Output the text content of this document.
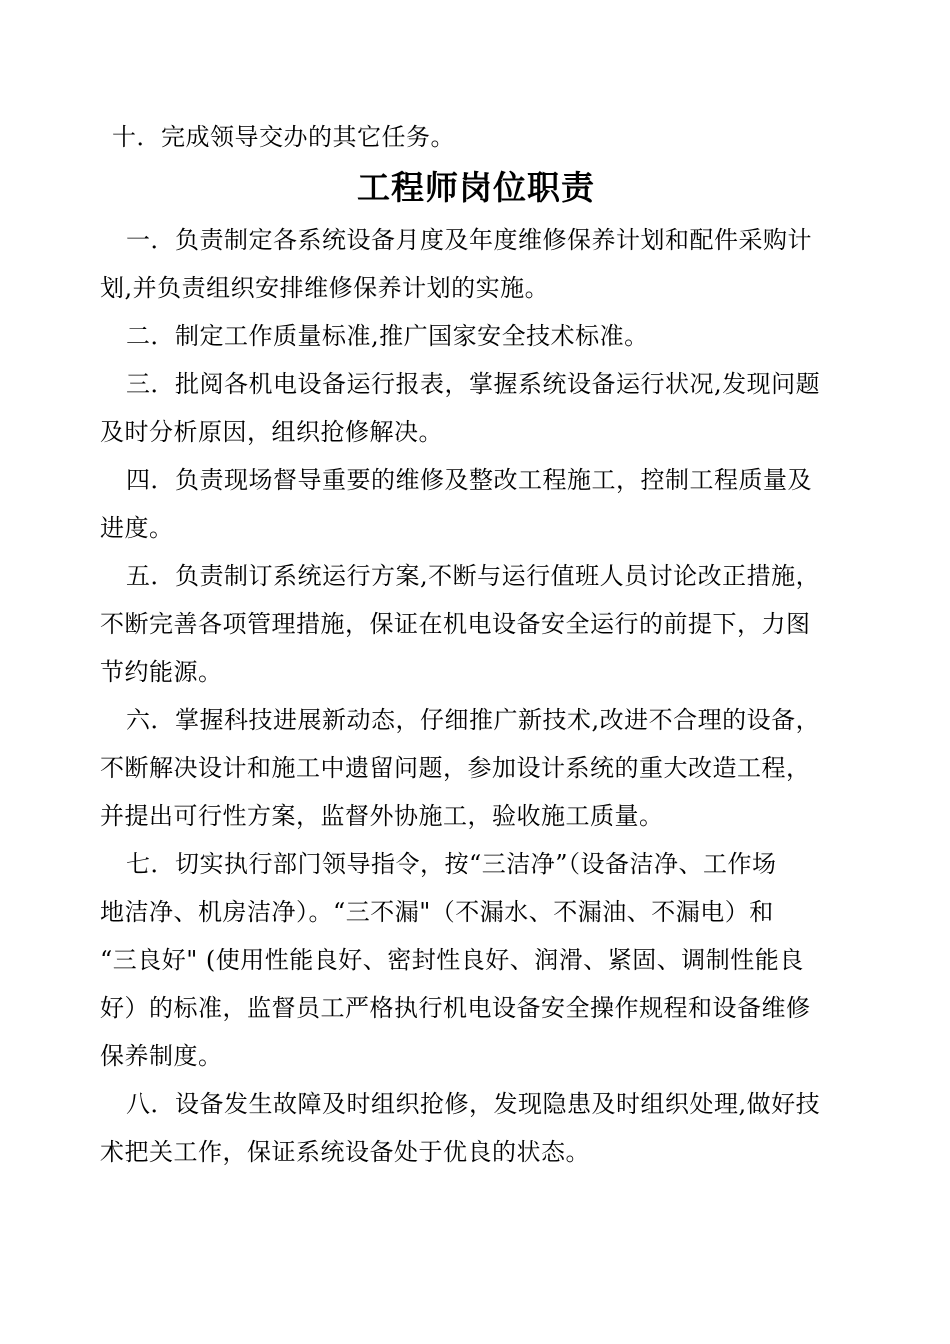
十．完成领导交办的其它任务。
工程师岗位职责
一．负责制定各系统设备月度及年度维修保养计划和配件采购计
划,并负责组织安排维修保养计划的实施。
二．制定工作质量标准,推广国家安全技术标准。
三．批阅各机电设备运行报表，掌握系统设备运行状况,发现问题
及时分析原因，组织抢修解决。
四．负责现场督导重要的维修及整改工程施工，控制工程质量及
进度。
五．负责制订系统运行方案,不断与运行值班人员讨论改正措施，
不断完善各项管理措施，保证在机电设备安全运行的前提下，力图
节约能源。
六．掌握科技进展新动态，仔细推广新技术,改进不合理的设备，
不断解决设计和施工中遗留问题，参加设计系统的重大改造工程，
并提出可行性方案，监督外协施工，验收施工质量。
七．切实执行部门领导指令，按“三洁净”（设备洁净、工作场
地洁净、机房洁净）。“三不漏"（不漏水、不漏油、不漏电）和
“三良好" (使用性能良好、密封性良好、润滑、紧固、调制性能良
好）的标准，监督员工严格执行机电设备安全操作规程和设备维修
保养制度。
八．设备发生故障及时组织抢修，发现隐患及时组织处理,做好技
术把关工作，保证系统设备处于优良的状态。
